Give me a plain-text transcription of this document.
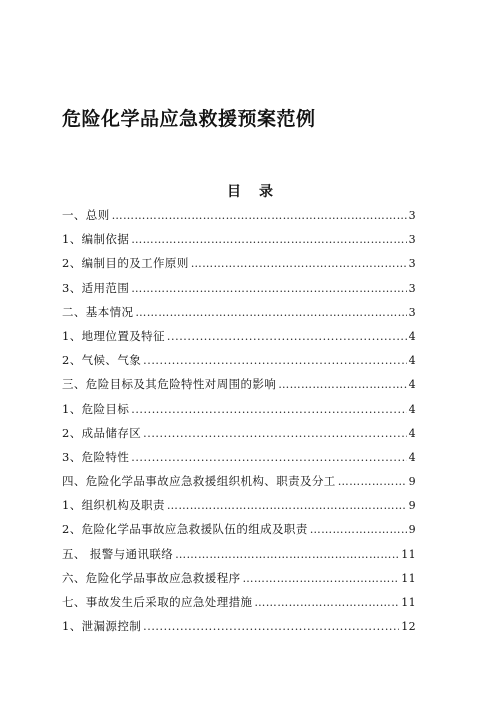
危险化学品应急救援预案范例
目录
一、总则 …………………………………………………………………………………………………………………………………………………………	3
1、编制依据 …………………………………………………………………………………………………………………………………………………………	3
2、编制目的及工作原则 …………………………………………………………………………………………………………………………………………………………	3
3、适用范围 …………………………………………………………………………………………………………………………………………………………	3
二、基本情况 …………………………………………………………………………………………………………………………………………………………	3
1、地理位置及特征 .....	4
2、气候、气象 .....	4
三、危险目标及其危险特性对周围的影响 …………………………………………………………………………………………………………………………………………………………	4
1、危险目标 .....	4
2、成品储存区 .....	4
3、危险特性 .....	4
四、危险化学品事故应急救援组织机构、职责及分工 …………………………………………………………………………………………………………………………………………………………	9
1、组织机构及职责 …………………………………………………………………………………………………………………………………………………………	9
2、危险化学品事故应急救援队伍的组成及职责 …………………………………………………………………………………………………………………………………………………………	9
五、 报警与通讯联络 …………………………………………………………………………………………………………………………………………………………	11
六、危险化学品事故应急救援程序 …………………………………………………………………………………………………………………………………………………………	11
七、事故发生后采取的应急处理措施 …………………………………………………………………………………………………………………………………………………………	11
1、泄漏源控制 .....	12
